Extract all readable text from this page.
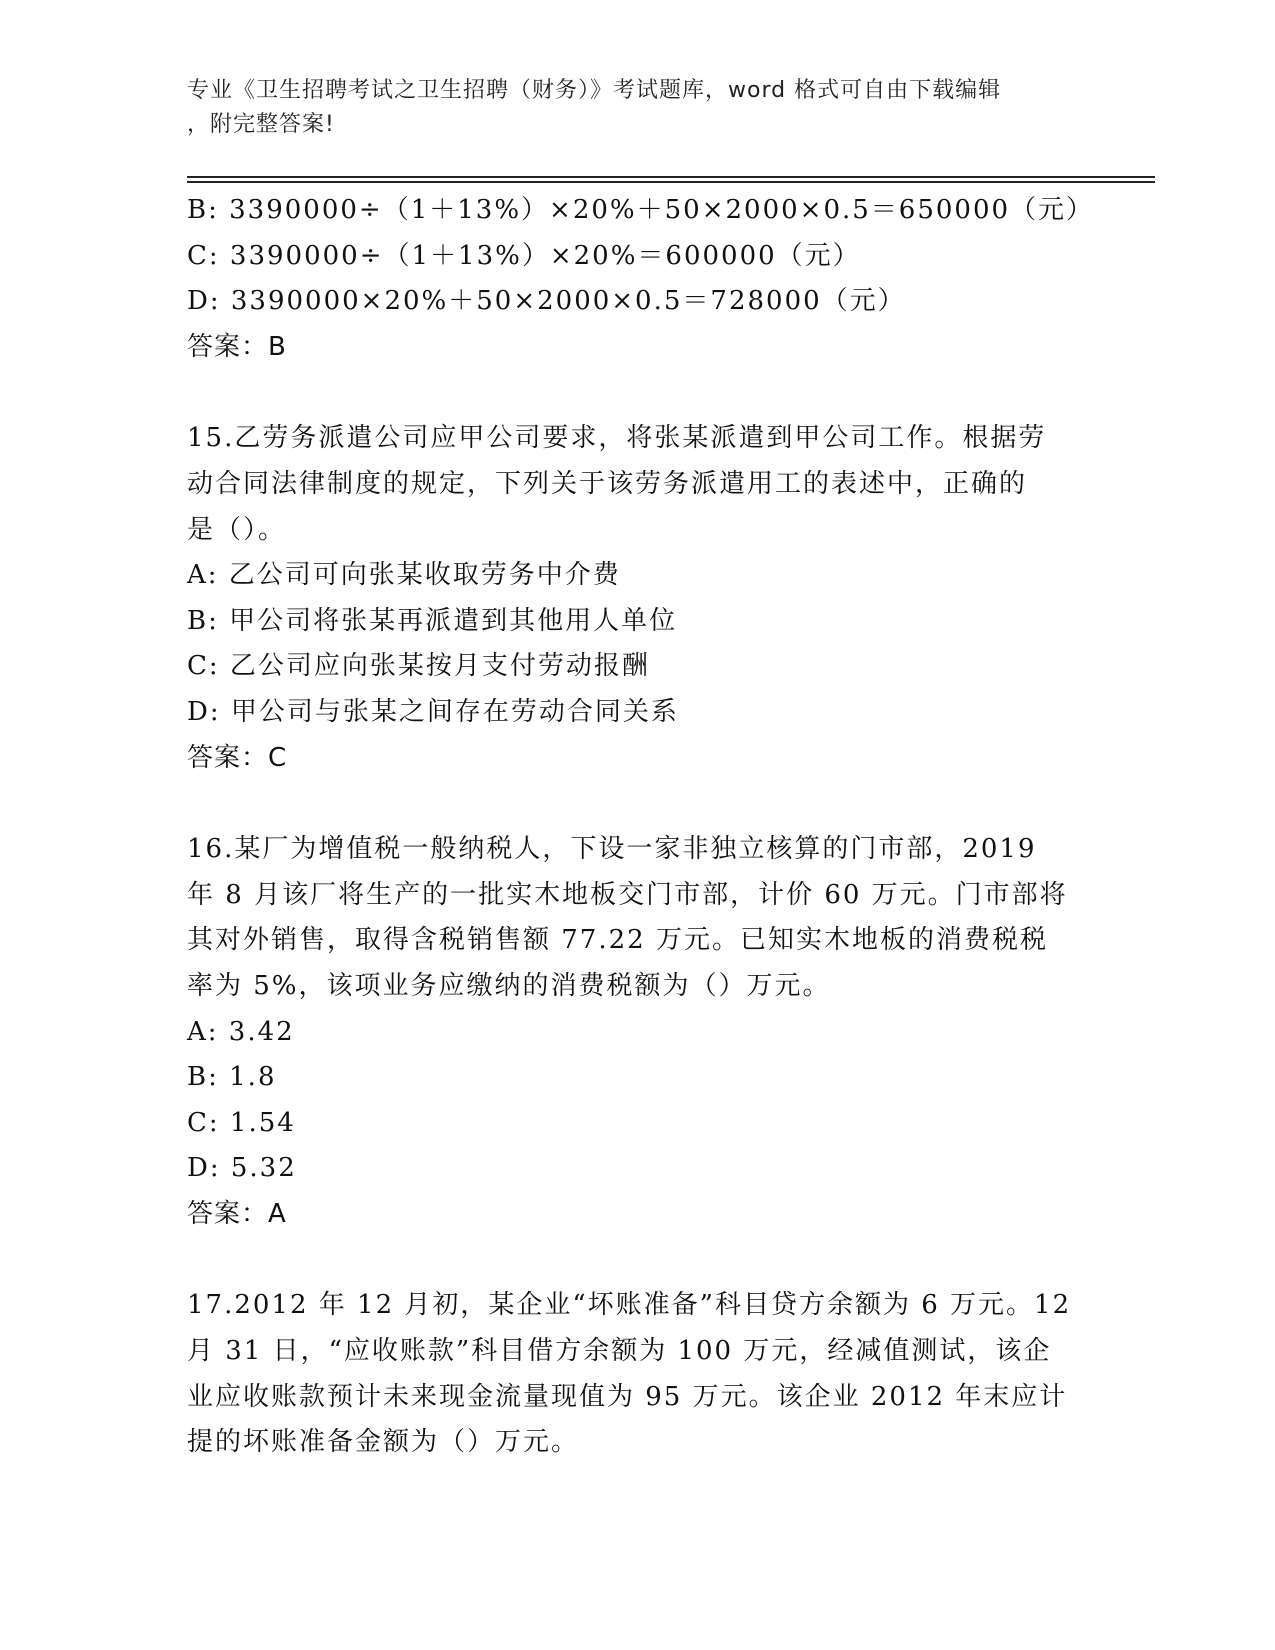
专业《卫生招聘考试之卫生招聘（财务）》考试题库，word 格式可自由下载编辑
，附完整答案!
B: 3390000÷（1＋13%）×20%＋50×2000×0.5＝650000（元）
C: 3390000÷（1＋13%）×20%＝600000（元）
D: 3390000×20%＋50×2000×0.5＝728000（元）
答案：B
15.乙劳务派遣公司应甲公司要求，将张某派遣到甲公司工作。根据劳
动合同法律制度的规定，下列关于该劳务派遣用工的表述中，正确的
是（）。
A: 乙公司可向张某收取劳务中介费
B: 甲公司将张某再派遣到其他用人单位
C: 乙公司应向张某按月支付劳动报酬
D: 甲公司与张某之间存在劳动合同关系
答案：C
16.某厂为增值税一般纳税人，下设一家非独立核算的门市部，2019
年 8 月该厂将生产的一批实木地板交门市部，计价 60 万元。门市部将
其对外销售，取得含税销售额 77.22 万元。已知实木地板的消费税税
率为 5%，该项业务应缴纳的消费税额为（）万元。
A: 3.42
B: 1.8
C: 1.54
D: 5.32
答案：A
17.2012 年 12 月初，某企业“坏账准备”科目贷方余额为 6 万元。12
月 31 日，“应收账款”科目借方余额为 100 万元，经减值测试，该企
业应收账款预计未来现金流量现值为 95 万元。该企业 2012 年末应计
提的坏账准备金额为（）万元。
